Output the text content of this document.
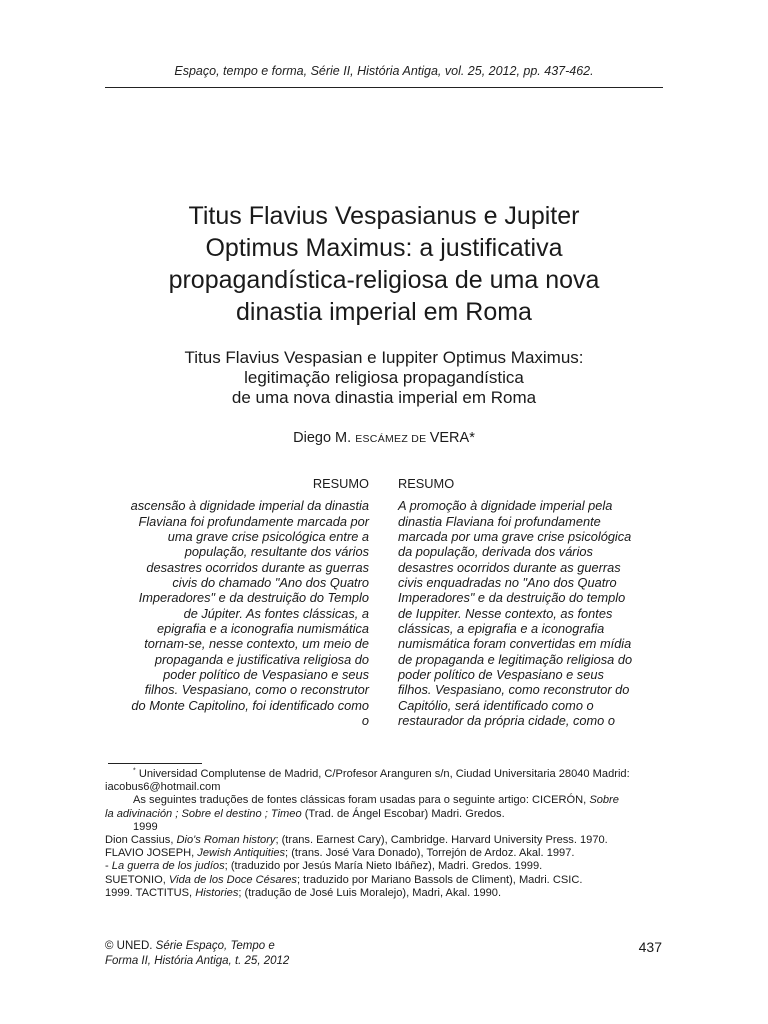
Espaço, tempo e forma, Série II, História Antiga, vol. 25, 2012, pp. 437-462.
Titus Flavius Vespasianus e Jupiter
Optimus Maximus: a justificativa
propagandística-religiosa de uma nova
dinastia imperial em Roma
Titus Flavius Vespasian e Iuppiter Optimus Maximus:
legitimação religiosa propagandística
de uma nova dinastia imperial em Roma
Diego M. ESCÁMEZ DE VERA*
RESUMO
ascensão à dignidade imperial da dinastia
Flaviana foi profundamente marcada por
uma grave crise psicológica entre a
população, resultante dos vários
desastres ocorridos durante as guerras
civis do chamado "Ano dos Quatro
Imperadores" e da destruição do Templo
de Júpiter. As fontes clássicas, a
epigrafia e a iconografia numismática
tornam-se, nesse contexto, um meio de
propaganda e justificativa religiosa do
poder político de Vespasiano e seus
filhos. Vespasiano, como o reconstrutor
do Monte Capitolino, foi identificado como
o
RESUMO
A promoção à dignidade imperial pela
dinastia Flaviana foi profundamente
marcada por uma grave crise psicológica
da população, derivada dos vários
desastres ocorridos durante as guerras
civis enquadradas no "Ano dos Quatro
Imperadores" e da destruição do templo
de Iuppiter. Nesse contexto, as fontes
clássicas, a epigrafia e a iconografia
numismática foram convertidas em mídia
de propaganda e legitimação religiosa do
poder político de Vespasiano e seus
filhos. Vespasiano, como reconstrutor do
Capitólio, será identificado como o
restaurador da própria cidade, como o

* Universidad Complutense de Madrid, C/Profesor Aranguren s/n, Ciudad Universitaria 28040 Madrid:

iacobus6@hotmail.com

As seguintes traduções de fontes clássicas foram usadas para o seguinte artigo: CICERÓN, Sobre

la adivinación ; Sobre el destino ; Timeo (Trad. de Ángel Escobar) Madri. Gredos.

1999

Dion Cassius, Dio's Roman history; (trans. Earnest Cary), Cambridge. Harvard University Press. 1970.

FLAVIO JOSEPH, Jewish Antiquities; (trans. José Vara Donado), Torrejón de Ardoz. Akal. 1997.

- La guerra de los judíos; (traduzido por Jesús María Nieto Ibáñez), Madri. Gredos. 1999.

SUETONIO, Vida de los Doce Césares; traduzido por Mariano Bassols de Climent), Madri. CSIC.

1999. TACTITUS, Histories; (tradução de José Luis Moralejo), Madri, Akal. 1990.

© UNED. Série Espaço, Tempo e
Forma II, História Antiga, t. 25, 2012
437
